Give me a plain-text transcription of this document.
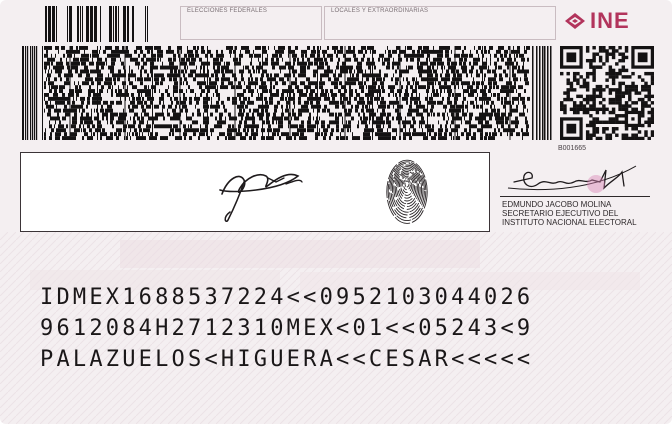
ELECCIONES FEDERALES	LOCALES Y EXTRAORDINARIAS	INE
B001665
EDMUNDO JACOBO MOLINA
SECRETARIO EJECUTIVO DEL
INSTITUTO NACIONAL ELECTORAL
IDMEX1688537224<<0952103044026
9612084H2712310MEX<01<<05243<9
PALAZUELOS<HIGUERA<<CESAR<<<<<
